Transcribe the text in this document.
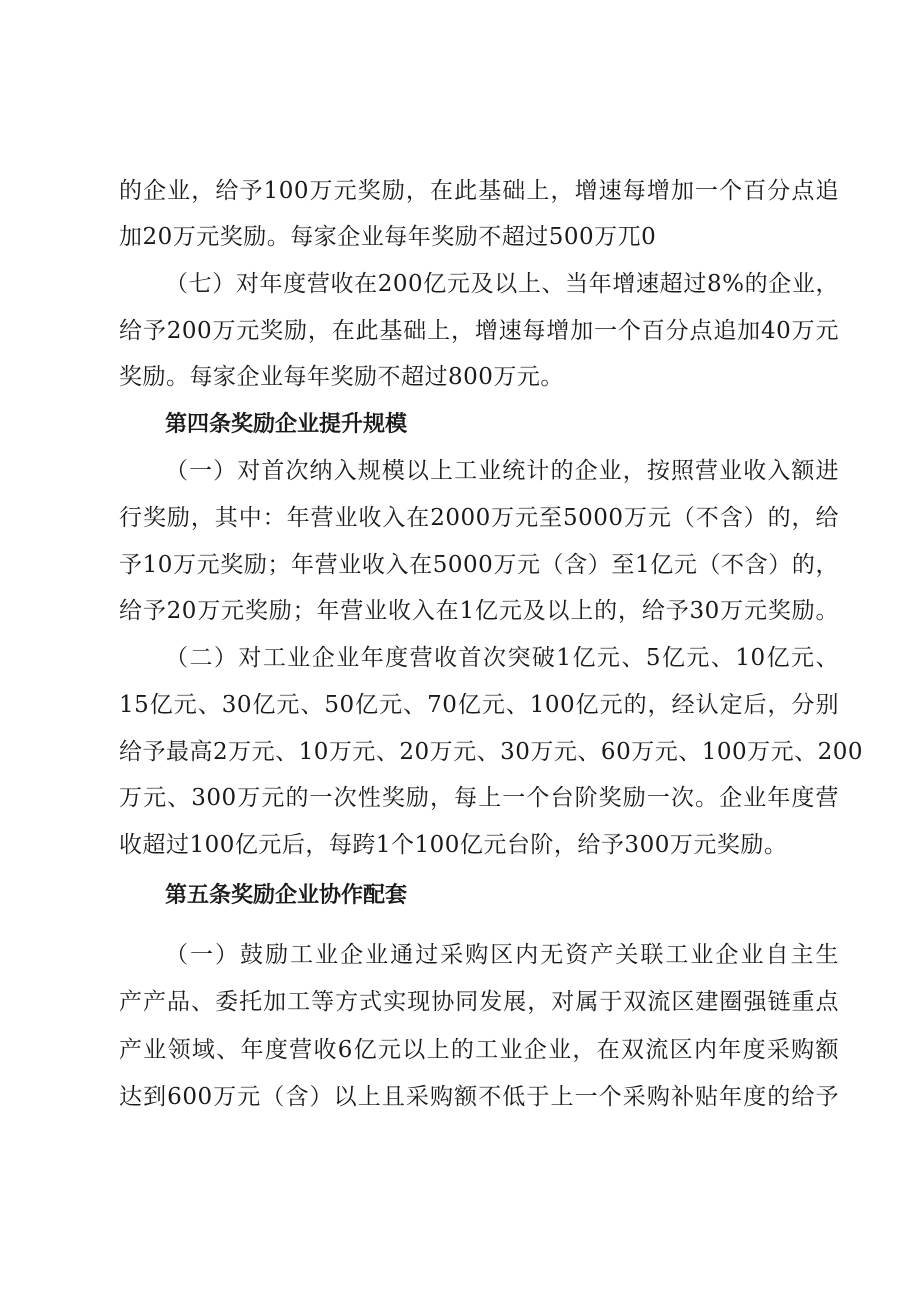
的企业，给予100万元奖励，在此基础上，增速每增加一个百分点追
加20万元奖励。每家企业每年奖励不超过500万兀0
（七）对年度营收在200亿元及以上、当年增速超过8%的企业，
给予200万元奖励，在此基础上，增速每增加一个百分点追加40万元
奖励。每家企业每年奖励不超过800万元。
第四条奖励企业提升规模
（一）对首次纳入规模以上工业统计的企业，按照营业收入额进
行奖励，其中：年营业收入在2000万元至5000万元（不含）的，给
予10万元奖励；年营业收入在5000万元（含）至1亿元（不含）的，
给予20万元奖励；年营业收入在1亿元及以上的，给予30万元奖励。
（二）对工业企业年度营收首次突破1亿元、5亿元、10亿元、
15亿元、30亿元、50亿元、70亿元、100亿元的，经认定后，分别
给予最高2万元、10万元、20万元、30万元、60万元、100万元、200
万元、300万元的一次性奖励，每上一个台阶奖励一次。企业年度营
收超过100亿元后，每跨1个100亿元台阶，给予300万元奖励。
第五条奖励企业协作配套
（一）鼓励工业企业通过采购区内无资产关联工业企业自主生
产产品、委托加工等方式实现协同发展，对属于双流区建圈强链重点
产业领域、年度营收6亿元以上的工业企业，在双流区内年度采购额
达到600万元（含）以上且采购额不低于上一个采购补贴年度的给予
